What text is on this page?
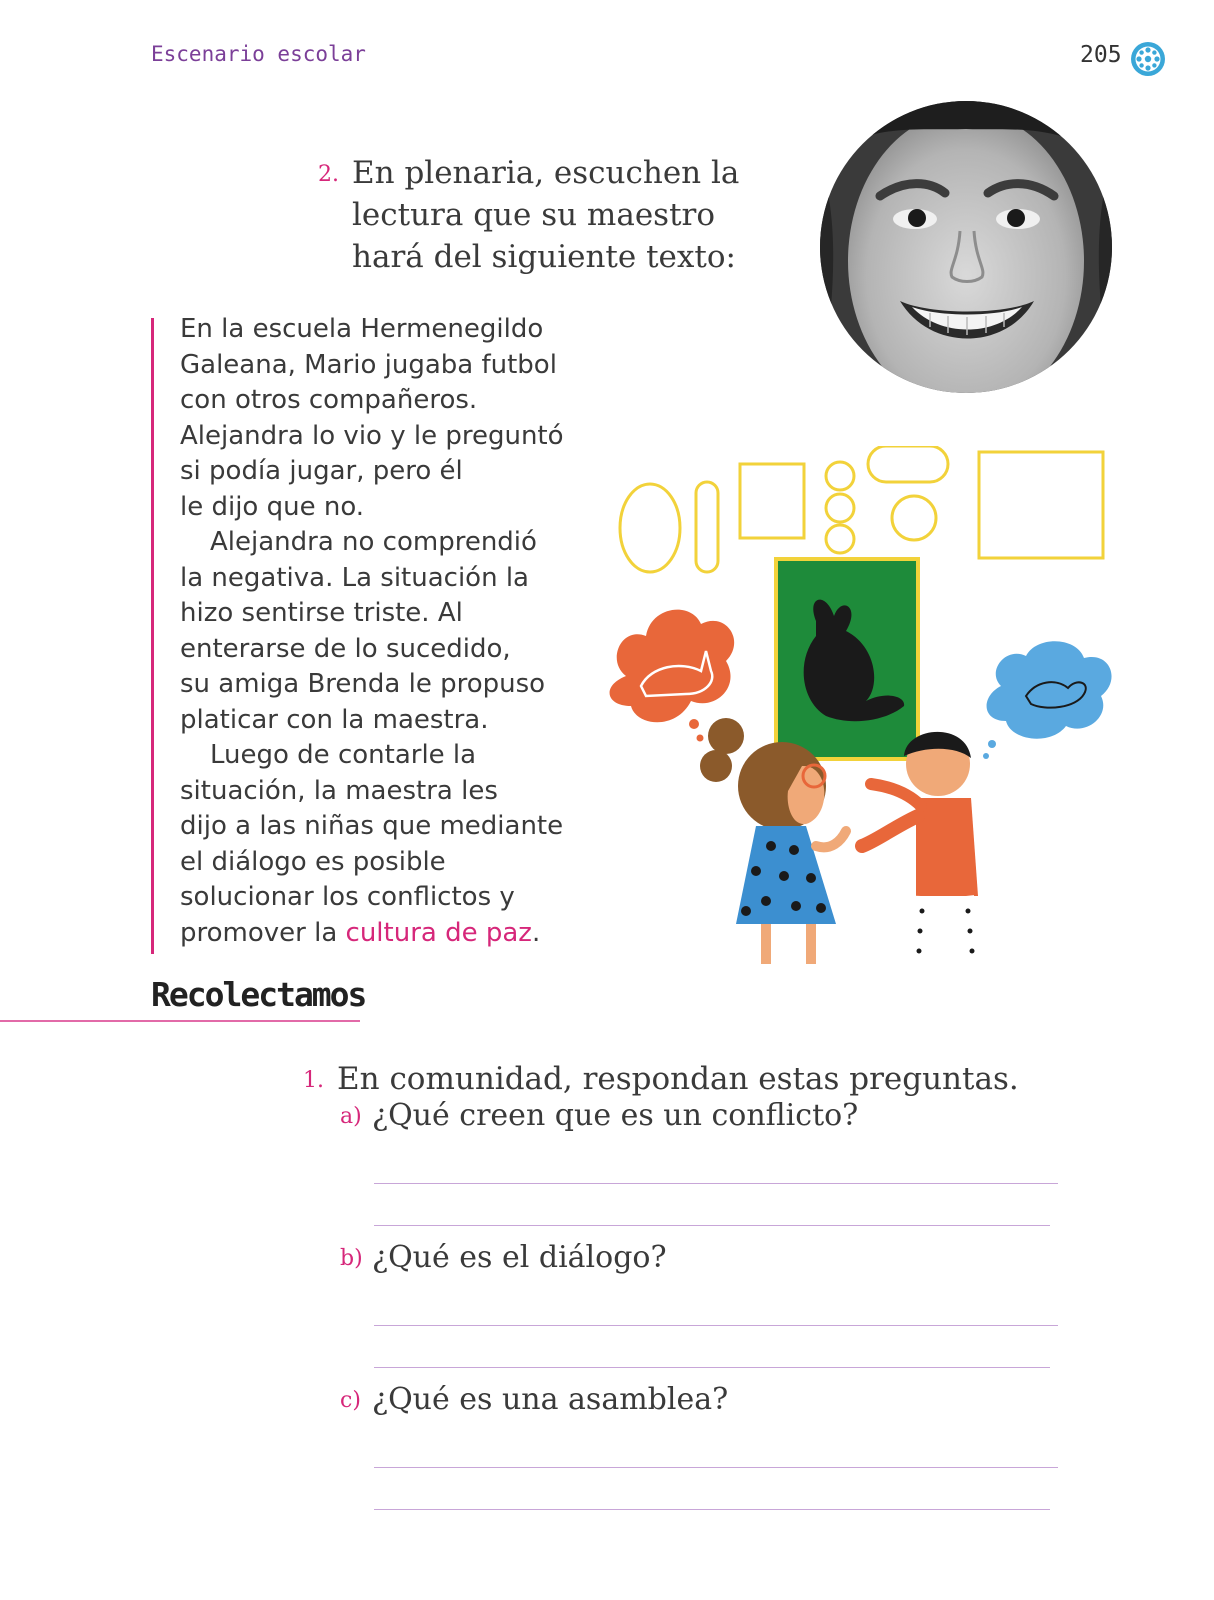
Escenario escolar	205
2. En plenaria, escuchen la
lectura que su maestro
hará del siguiente texto:

En la escuela Hermenegildo
Galeana, Mario jugaba futbol
con otros compañeros.
Alejandra lo vio y le preguntó
si podía jugar, pero él
le dijo que no.

Alejandra no comprendió
la negativa. La situación la
hizo sentirse triste. Al
enterarse de lo sucedido,
su amiga Brenda le propuso
platicar con la maestra.

Luego de contarle la
situación, la maestra les
dijo a las niñas que mediante
el diálogo es posible
solucionar los conflictos y
promover la cultura de paz.

Recolectamos
1. En comunidad, respondan estas preguntas.
a) ¿Qué creen que es un conflicto?
b) ¿Qué es el diálogo?
c) ¿Qué es una asamblea?
